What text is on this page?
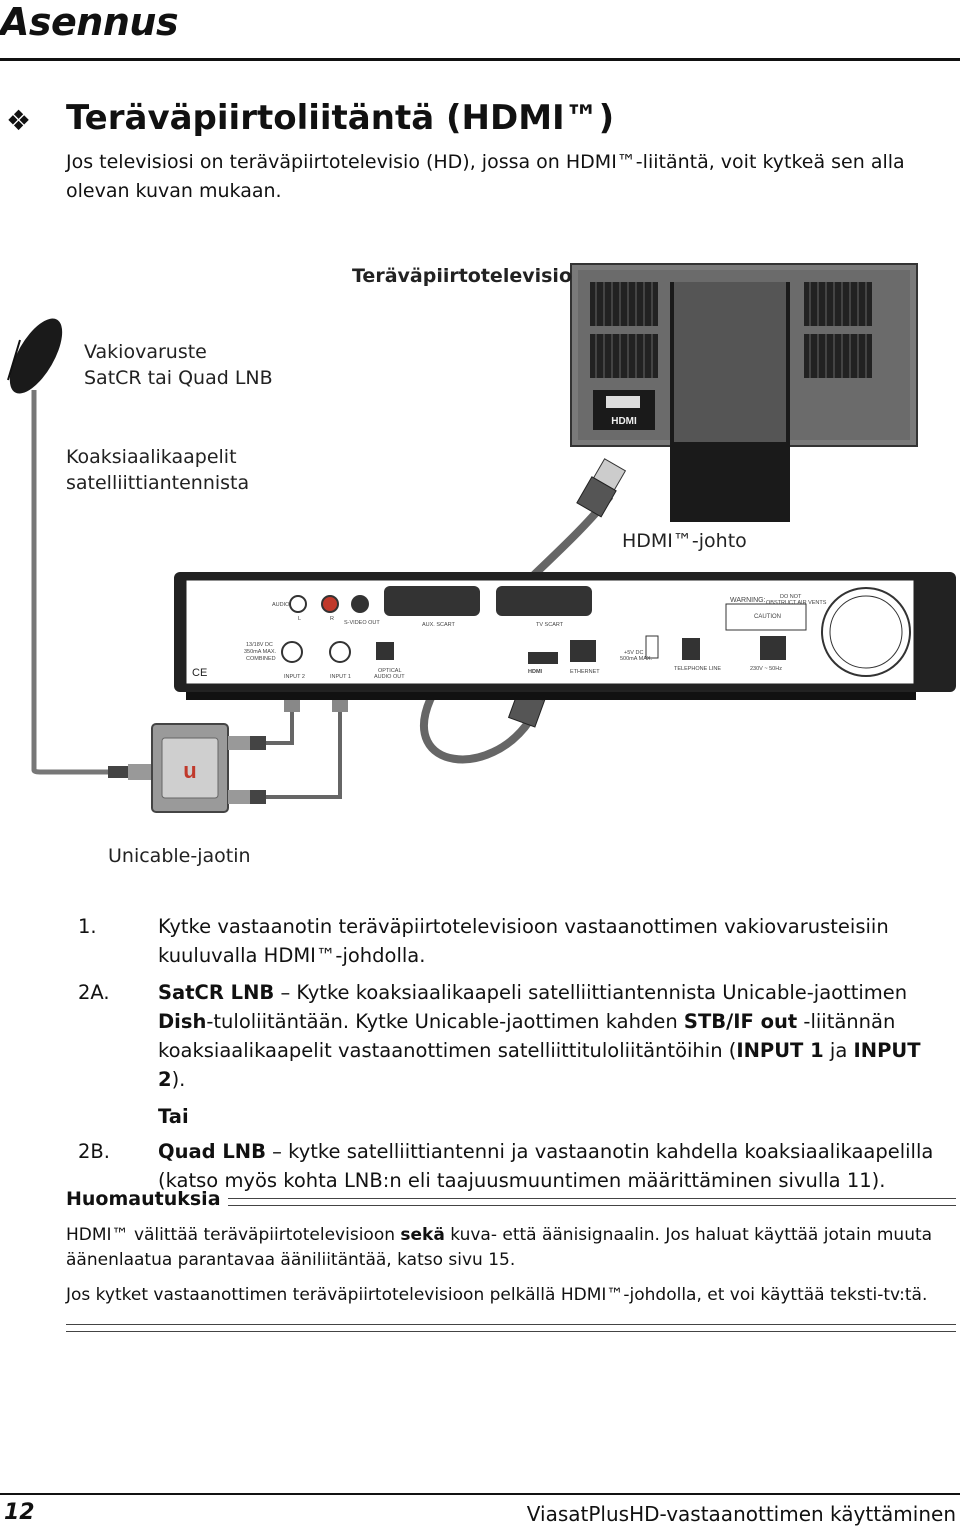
Asennus
❖ Teräväpiirtoliitäntä (HDMI™)
Jos televisiosi on teräväpiirtotelevisio (HD), jossa on HDMI™-liitäntä, voit kytkeä sen alla olevan kuvan mukaan.
HDMI
u
AUDIO
L	R
S-VIDEO OUT	AUX. SCART	TV SCART
WARNING:	DO NOT
OBSTRUCT AIR VENTS
CAUTION
13/18V DC
350mA MAX.
COMBINED
INPUT 2	INPUT 1
OPTICAL
AUDIO OUT
HDMI	ETHERNET
+5V DC
500mA MAX.
TELEPHONE LINE	230V ~ 50Hz
CE
Teräväpiirtotelevisio
Vakiovaruste
SatCR tai Quad LNB
Koaksiaalikaapelit
satelliittiantennista
HDMI™-johto
Unicable-jaotin
1.	Kytke vastaanotin teräväpiirtotelevisioon vastaanottimen vakiovarusteisiin kuuluvalla HDMI™-johdolla.
2A. SatCR LNB – Kytke koaksiaalikaapeli satelliittiantennista Unicable-jaottimen Dish-tuloliitäntään. Kytke Unicable-jaottimen kahden STB/IF out -liitännän koaksiaalikaapelit vastaanottimen satelliittituloliitäntöihin (INPUT 1 ja INPUT 2).
Tai
2B. Quad LNB – kytke satelliittiantenni ja vastaanotin kahdella koaksiaalikaapelilla (katso myös kohta LNB:n eli taajuusmuuntimen määrittäminen sivulla 11).
Huomautuksia
HDMI™ välittää teräväpiirtotelevisioon sekä kuva- että äänisignaalin. Jos haluat käyttää jotain muuta äänenlaatua parantavaa ääniliitäntää, katso sivu 15.
Jos kytket vastaanottimen teräväpiirtotelevisioon pelkällä HDMI™-johdolla, et voi käyttää teksti-tv:tä.
12	ViasatPlusHD-vastaanottimen käyttäminen
